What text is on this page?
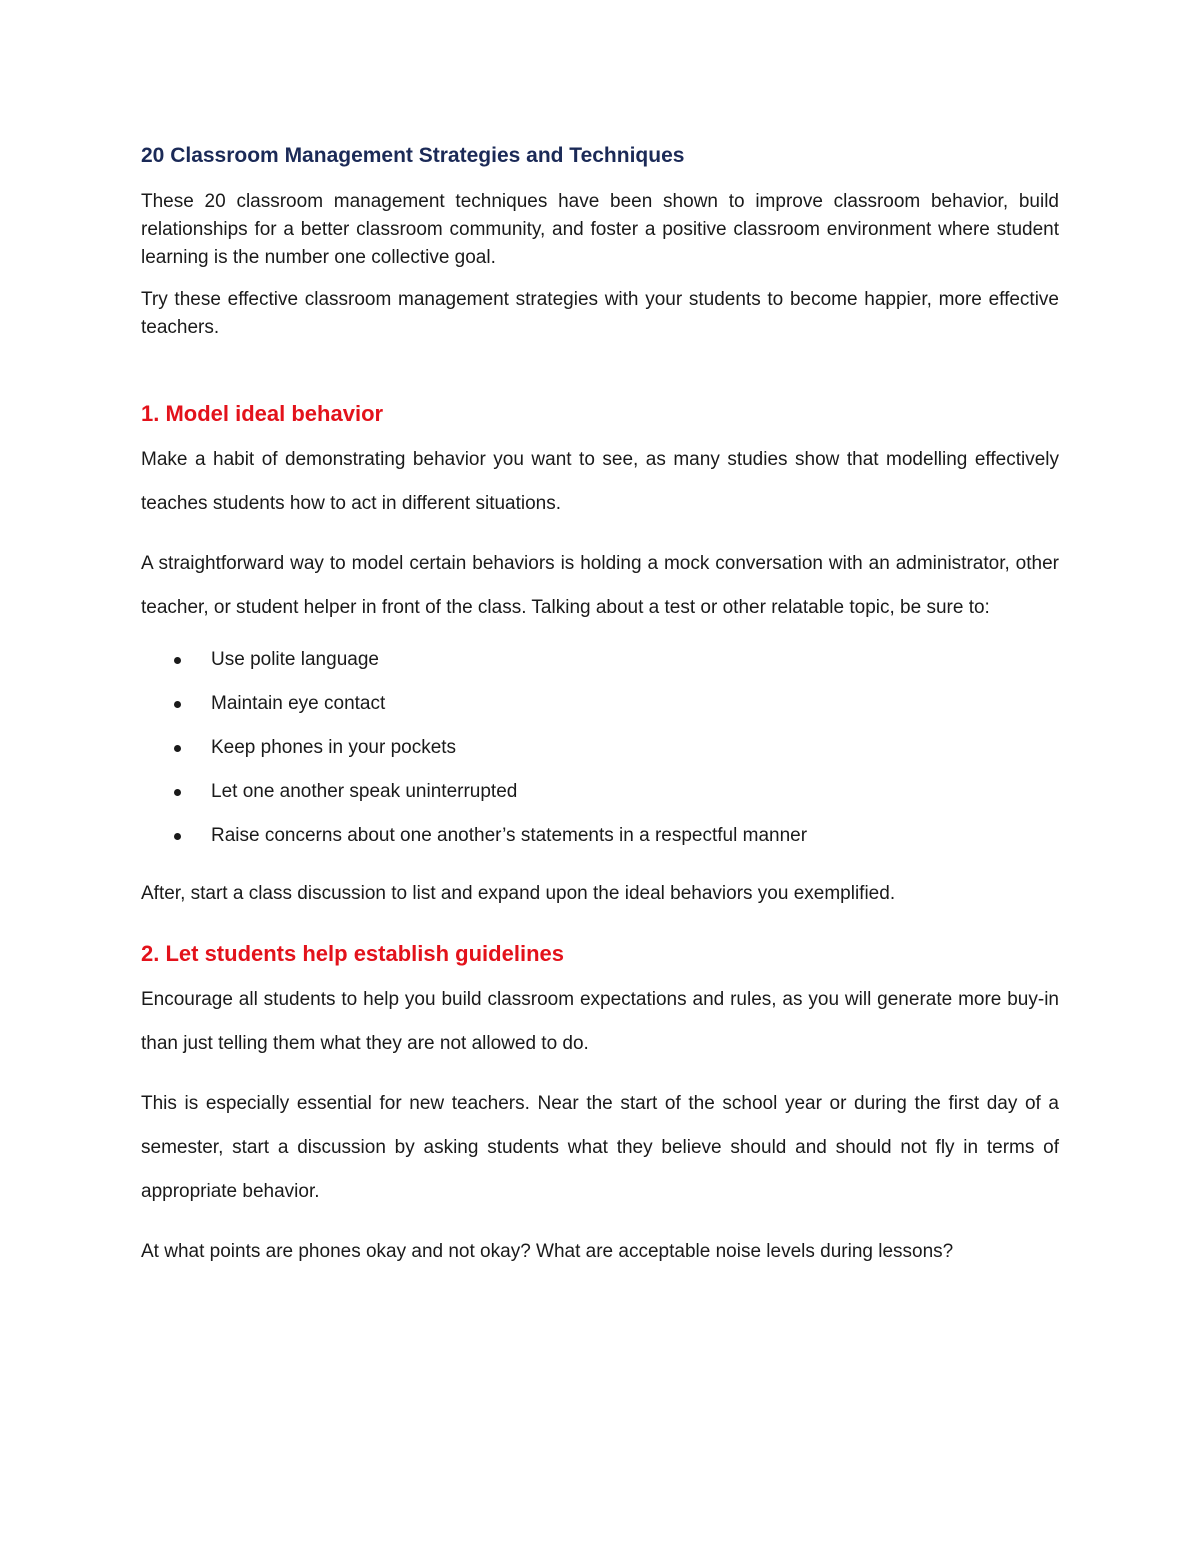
20 Classroom Management Strategies and Techniques

These 20 classroom management techniques have been shown to improve classroom behavior, build relationships for a better classroom community, and foster a positive classroom environment where student learning is the number one collective goal.

Try these effective classroom management strategies with your students to become happier, more effective teachers.

1. Model ideal behavior

Make a habit of demonstrating behavior you want to see, as many studies show that modelling effectively teaches students how to act in different situations.

A straightforward way to model certain behaviors is holding a mock conversation with an administrator, other teacher, or student helper in front of the class. Talking about a test or other relatable topic, be sure to:

Use polite language
Maintain eye contact
Keep phones in your pockets
Let one another speak uninterrupted
Raise concerns about one another’s statements in a respectful manner

After, start a class discussion to list and expand upon the ideal behaviors you exemplified.

2. Let students help establish guidelines

Encourage all students to help you build classroom expectations and rules, as you will generate more buy-in than just telling them what they are not allowed to do.

This is especially essential for new teachers. Near the start of the school year or during the first day of a semester, start a discussion by asking students what they believe should and should not fly in terms of appropriate behavior.

At what points are phones okay and not okay? What are acceptable noise levels during lessons?
